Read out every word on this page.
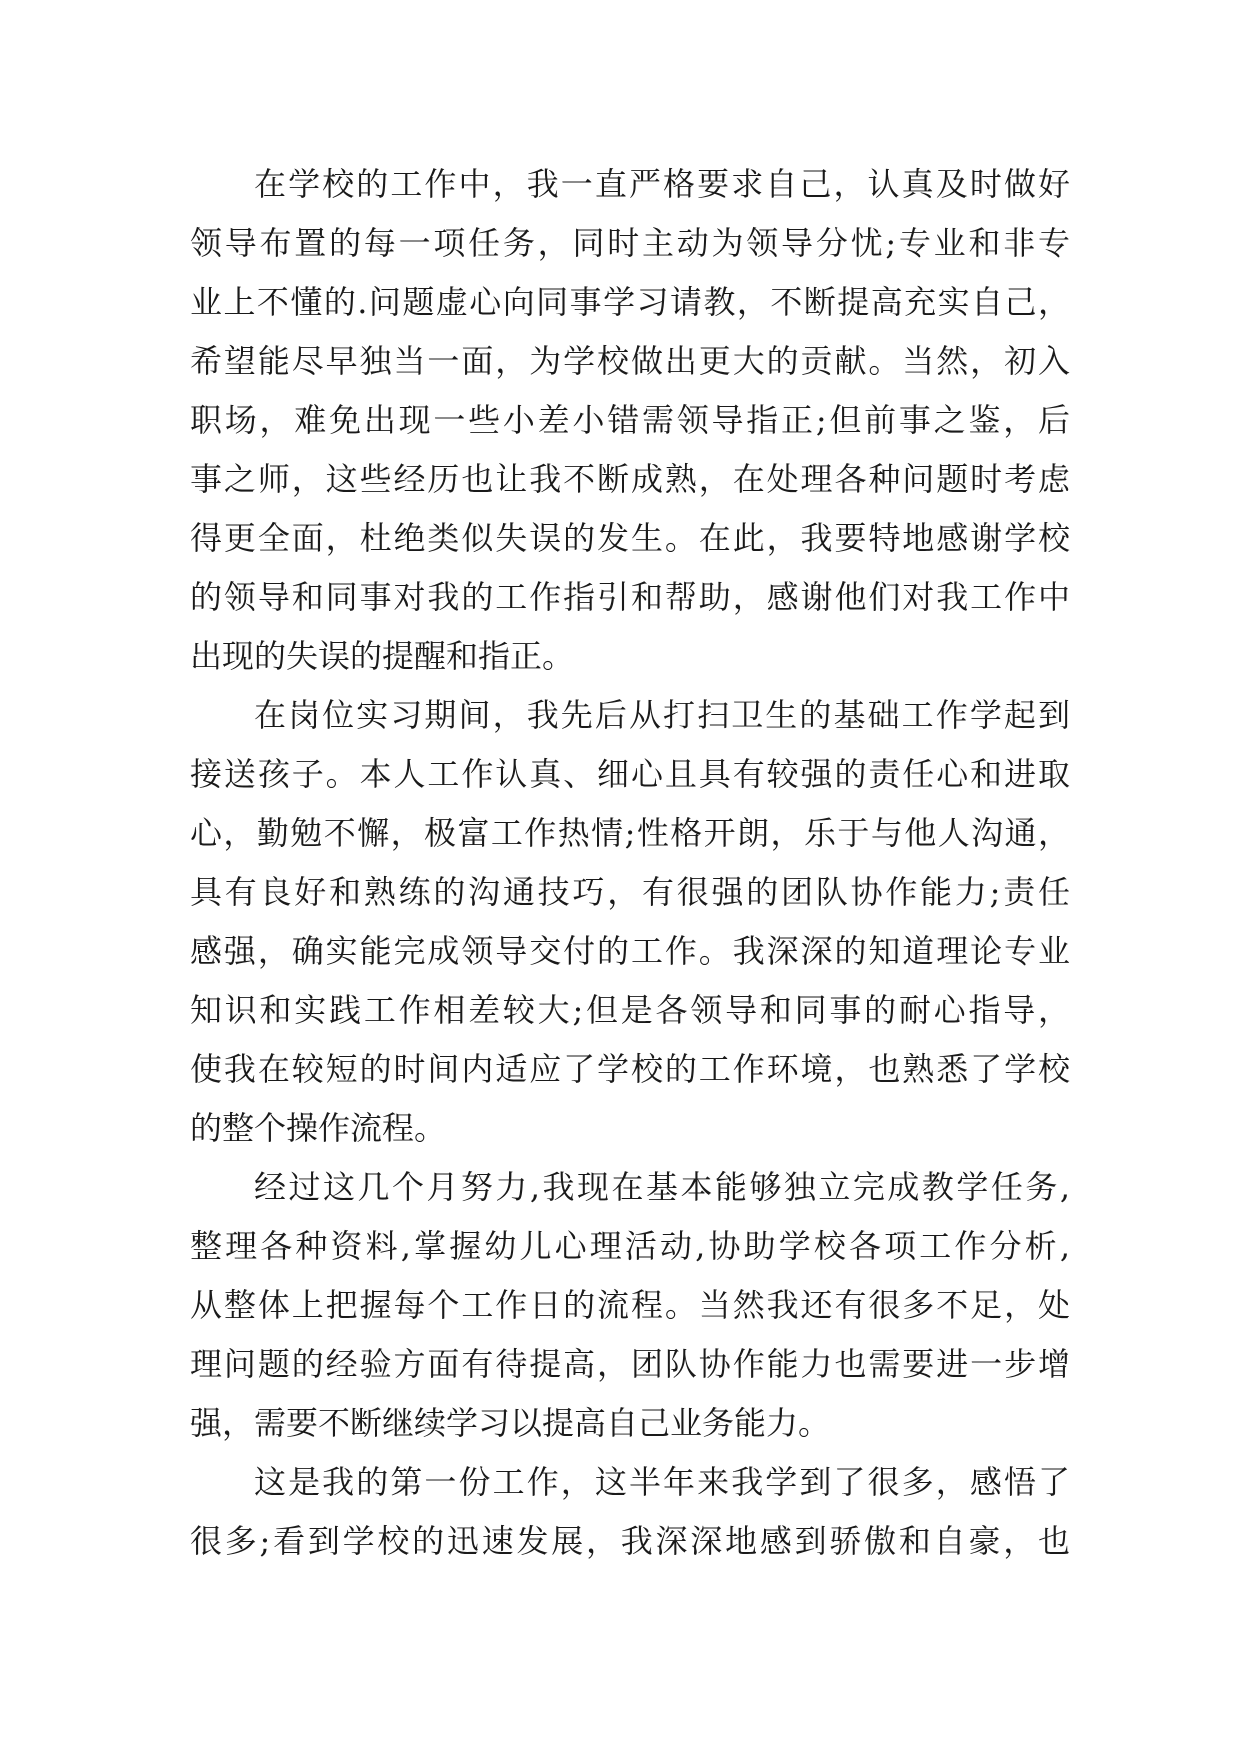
在学校的工作中，我一直严格要求自己，认真及时做好
领导布置的每一项任务，同时主动为领导分忧;专业和非专
业上不懂的.问题虚心向同事学习请教，不断提高充实自己，
希望能尽早独当一面，为学校做出更大的贡献。当然，初入
职场，难免出现一些小差小错需领导指正;但前事之鉴，后
事之师，这些经历也让我不断成熟，在处理各种问题时考虑
得更全面，杜绝类似失误的发生。在此，我要特地感谢学校
的领导和同事对我的工作指引和帮助，感谢他们对我工作中
出现的失误的提醒和指正。
在岗位实习期间，我先后从打扫卫生的基础工作学起到
接送孩子。本人工作认真、细心且具有较强的责任心和进取
心，勤勉不懈，极富工作热情;性格开朗，乐于与他人沟通，
具有良好和熟练的沟通技巧，有很强的团队协作能力;责任
感强，确实能完成领导交付的工作。我深深的知道理论专业
知识和实践工作相差较大;但是各领导和同事的耐心指导，
使我在较短的时间内适应了学校的工作环境，也熟悉了学校
的整个操作流程。
经过这几个月努力,我现在基本能够独立完成教学任务,
整理各种资料,掌握幼儿心理活动,协助学校各项工作分析,
从整体上把握每个工作日的流程。当然我还有很多不足，处
理问题的经验方面有待提高，团队协作能力也需要进一步增
强，需要不断继续学习以提高自己业务能力。
这是我的第一份工作，这半年来我学到了很多，感悟了
很多;看到学校的迅速发展，我深深地感到骄傲和自豪，也
